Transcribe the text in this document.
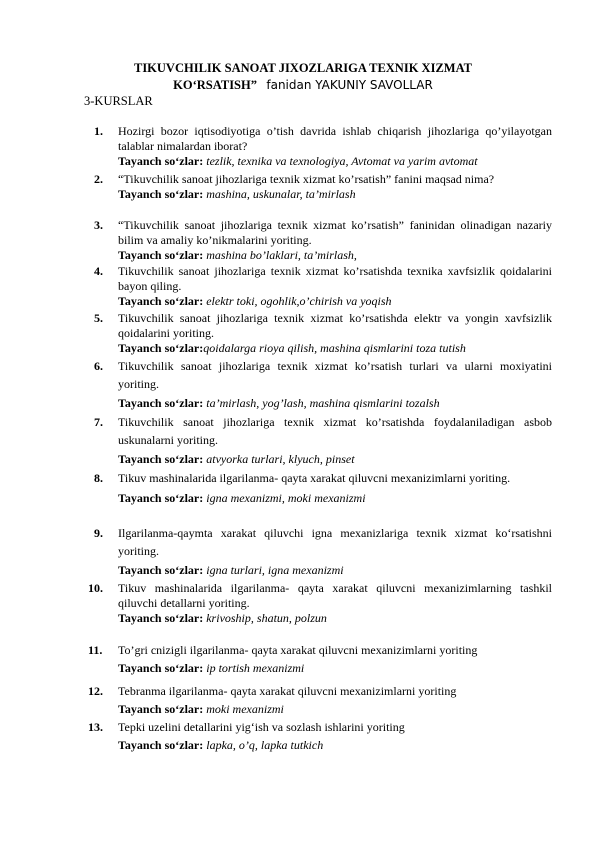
TIKUVCHILIK SANOAT JIXOZLARIGA TEXNIK XIZMAT
KO‘RSATISH” fanidan YAKUNIY SAVOLLAR
3-KURSLAR
1. Hozirgi bozor iqtisodiyotiga o’tish davrida ishlab chiqarish jihozlariga qo’yilayotgan talablar nimalardan iborat?
Tayanch so‘zlar: tezlik, texnika va texnologiya, Avtomat va yarim avtomat
2. “Tikuvchilik sanoat jihozlariga texnik xizmat ko’rsatish” fanini maqsad nima?
Tayanch so‘zlar: mashina, uskunalar, ta’mirlash
3. “Tikuvchilik sanoat jihozlariga texnik xizmat ko’rsatish” faninidan olinadigan nazariy bilim va amaliy ko’nikmalarini yoriting.
Tayanch so‘zlar: mashina bo’laklari, ta’mirlash,
4. Tikuvchilik sanoat jihozlariga texnik xizmat ko’rsatishda texnika xavfsizlik qoidalarini bayon qiling.
Tayanch so‘zlar: elektr toki, ogohlik,o’chirish va yoqish
5. Tikuvchilik sanoat jihozlariga texnik xizmat ko’rsatishda elektr va yongin xavfsizlik qoidalarini yoriting.
Tayanch so‘zlar:qoidalarga rioya qilish, mashina qismlarini toza tutish
6. Tikuvchilik sanoat jihozlariga texnik xizmat ko’rsatish turlari va ularni moxiyatini yoriting.
Tayanch so‘zlar: ta’mirlash, yog’lash, mashina qismlarini tozalsh
7. Tikuvchilik sanoat jihozlariga texnik xizmat ko’rsatishda foydalaniladigan asbob uskunalarni yoriting.
Tayanch so‘zlar: atvyorka turlari, klyuch, pinset
8. Tikuv mashinalarida ilgarilanma- qayta xarakat qiluvcni mexanizimlarni yoriting.
Tayanch so‘zlar: igna mexanizmi, moki mexanizmi
9. Ilgarilanma-qaymta xarakat qiluvchi igna mexanizlariga texnik xizmat ko‘rsatishni yoriting.
Tayanch so‘zlar: igna turlari, igna mexanizmi
10. Tikuv mashinalarida ilgarilanma- qayta xarakat qiluvcni mexanizimlarning tashkil qiluvchi detallarni yoriting.
Tayanch so‘zlar: krivoship, shatun, polzun
11. To’gri cnizigli ilgarilanma- qayta xarakat qiluvcni mexanizimlarni yoriting
Tayanch so‘zlar: ip tortish mexanizmi
12. Tebranma ilgarilanma- qayta xarakat qiluvcni mexanizimlarni yoriting
Tayanch so‘zlar: moki mexanizmi
13. Tepki uzelini detallarini yig‘ish va sozlash ishlarini yoriting
Tayanch so‘zlar: lapka, o’q, lapka tutkich
